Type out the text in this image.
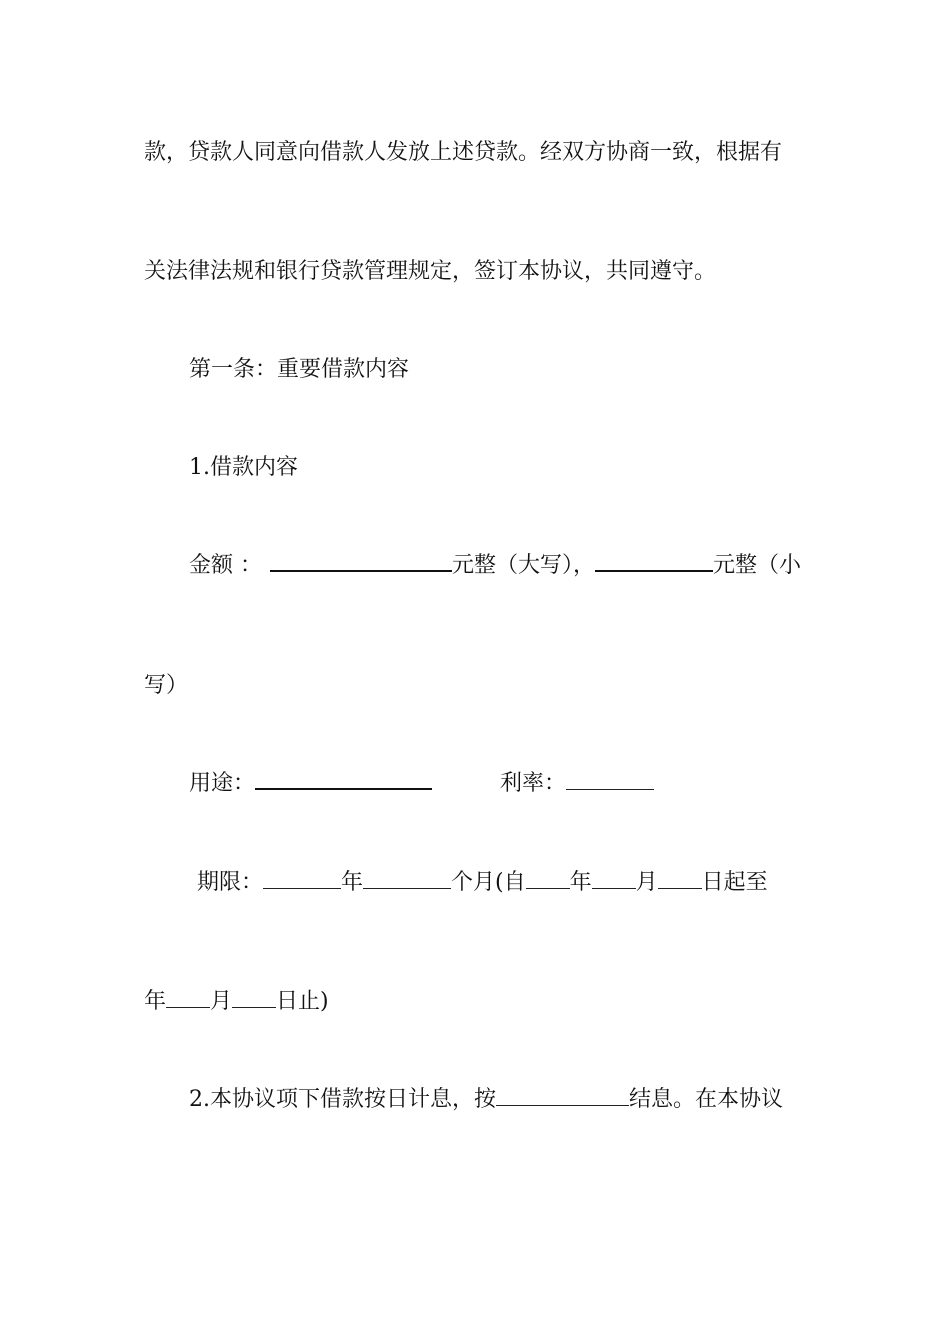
款，贷款人同意向借款人发放上述贷款。经双方协商一致，根据有
关法律法规和银行贷款管理规定，签订本协议，共同遵守。
第一条：重要借款内容
1.借款内容
金额 ：	元整（大写），	元整（小
写）
用途：	利率：
期限：	年	个月(自 年 月 日起至
年 月 日止)
2.本协议项下借款按日计息，按	结息。在本协议
